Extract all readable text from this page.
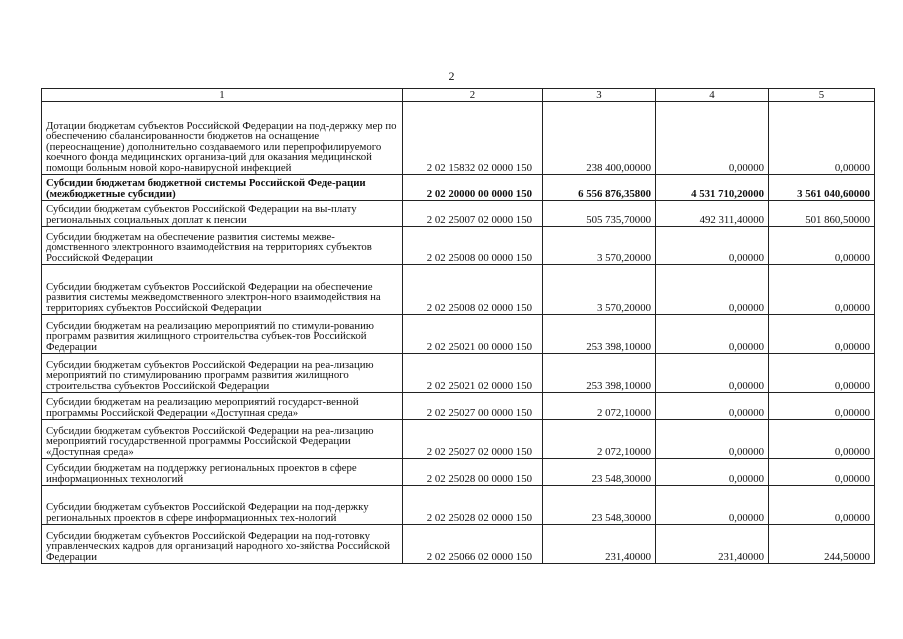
2
1	2	3	4	5
Дотации бюджетам субъектов Российской Федерации на под-держку мер по обеспечению сбалансированности бюджетов на оснащение (переоснащение) дополнительно создаваемого или перепрофилируемого коечного фонда медицинских организа-ций для оказания медицинской помощи больным новой коро-навирусной инфекцией	2 02 15832 02 0000 150	238 400,00000	0,00000	0,00000
Субсидии бюджетам бюджетной системы Российской Феде-рации (межбюджетные субсидии)	2 02 20000 00 0000 150	6 556 876,35800	4 531 710,20000	3 561 040,60000
Субсидии бюджетам субъектов Российской Федерации на вы-плату региональных социальных доплат к пенсии	2 02 25007 02 0000 150	505 735,70000	492 311,40000	501 860,50000
Субсидии бюджетам на обеспечение развития системы межве-домственного электронного взаимодействия на территориях субъектов Российской Федерации	2 02 25008 00 0000 150	3 570,20000	0,00000	0,00000
Субсидии бюджетам субъектов Российской Федерации на обеспечение развития системы межведомственного электрон-ного взаимодействия на территориях субъектов Российской Федерации	2 02 25008 02 0000 150	3 570,20000	0,00000	0,00000
Субсидии бюджетам на реализацию мероприятий по стимули-рованию программ развития жилищного строительства субъек-тов Российской Федерации	2 02 25021 00 0000 150	253 398,10000	0,00000	0,00000
Субсидии бюджетам субъектов Российской Федерации на реа-лизацию мероприятий по стимулированию программ развития жилищного строительства субъектов Российской Федерации	2 02 25021 02 0000 150	253 398,10000	0,00000	0,00000
Субсидии бюджетам на реализацию мероприятий государст-венной программы Российской Федерации «Доступная среда»	2 02 25027 00 0000 150	2 072,10000	0,00000	0,00000
Субсидии бюджетам субъектов Российской Федерации на реа-лизацию мероприятий государственной программы Российской Федерации «Доступная среда»	2 02 25027 02 0000 150	2 072,10000	0,00000	0,00000
Субсидии бюджетам на поддержку региональных проектов в сфере информационных технологий	2 02 25028 00 0000 150	23 548,30000	0,00000	0,00000
Субсидии бюджетам субъектов Российской Федерации на под-держку региональных проектов в сфере информационных тех-нологий	2 02 25028 02 0000 150	23 548,30000	0,00000	0,00000
Субсидии бюджетам субъектов Российской Федерации на под-готовку управленческих кадров для организаций народного хо-зяйства Российской Федерации	2 02 25066 02 0000 150	231,40000	231,40000	244,50000
